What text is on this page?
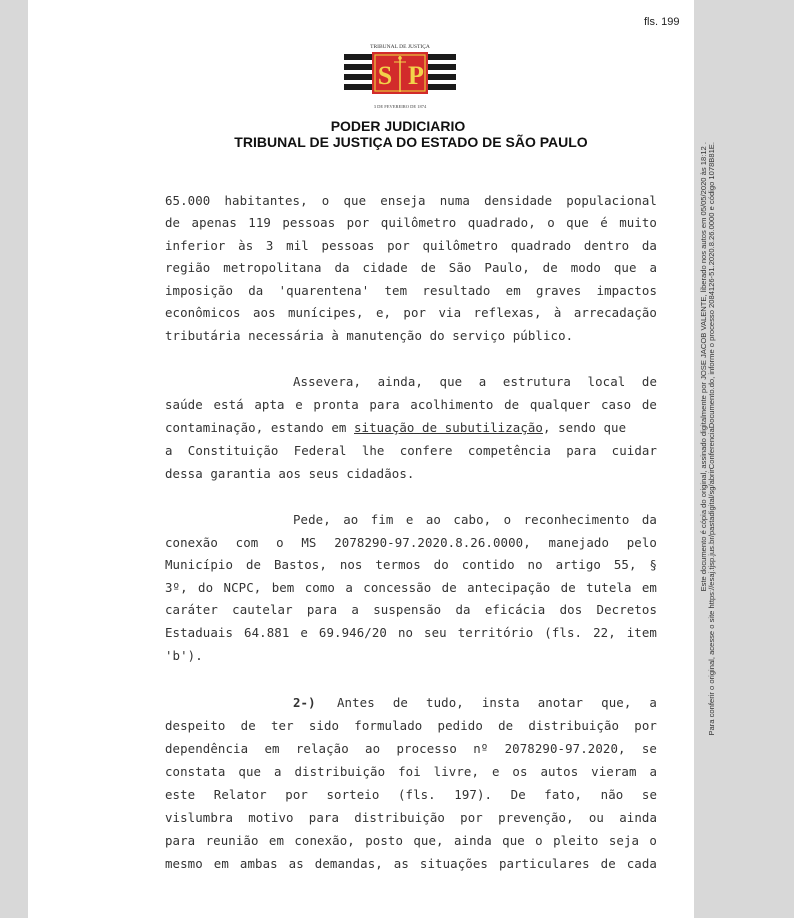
fls. 199
TRIBUNAL DE JUSTIÇA
S P
3 DE FEVEREIRO DE 1874
PODER JUDICIARIO
TRIBUNAL DE JUSTIÇA DO ESTADO DE SÃO PAULO
65.000 habitantes, o que enseja numa densidade populacional
de apenas 119 pessoas por quilômetro quadrado, o que é muito
inferior às 3 mil pessoas por quilômetro quadrado dentro da
região metropolitana da cidade de São Paulo, de modo que a
imposição da 'quarentena' tem resultado em graves impactos
econômicos aos munícipes, e, por via reflexas, à arrecadação
tributária necessária à manutenção do serviço público.
Assevera, ainda, que a estrutura local de
saúde está apta e pronta para acolhimento de qualquer caso de
contaminação, estando em situação de subutilização, sendo que
a Constituição Federal lhe confere competência para cuidar
dessa garantia aos seus cidadãos.
Pede, ao fim e ao cabo, o reconhecimento da
conexão com o MS 2078290-97.2020.8.26.0000, manejado pelo
Município de Bastos, nos termos do contido no artigo 55, §
3º, do NCPC, bem como a concessão de antecipação de tutela em
caráter cautelar para a suspensão da eficácia dos Decretos
Estaduais 64.881 e 69.946/20 no seu território (fls. 22, item
'b').
2-)	Antes de tudo, insta anotar que, a
despeito de ter sido formulado pedido de distribuição por
dependência em relação ao processo nº 2078290-97.2020, se
constata que a distribuição foi livre, e os autos vieram a
este Relator por sorteio (fls. 197). De fato, não se
vislumbra motivo para distribuição por prevenção, ou ainda
para reunião em conexão, posto que, ainda que o pleito seja o
mesmo em ambas as demandas, as situações particulares de cada
Este documento é cópia do original, assinado digitalmente por JOSE JACOB VALENTE, liberado nos autos em 05/05/2020 às 18:12 . Para conferir o original, acesse o site https://esaj.tjsp.jus.br/pastadigital/sg/abrirConferenciaDocumento.do, informe o processo 2084126-51.2020.8.26.0000 e código 1078B81E.
